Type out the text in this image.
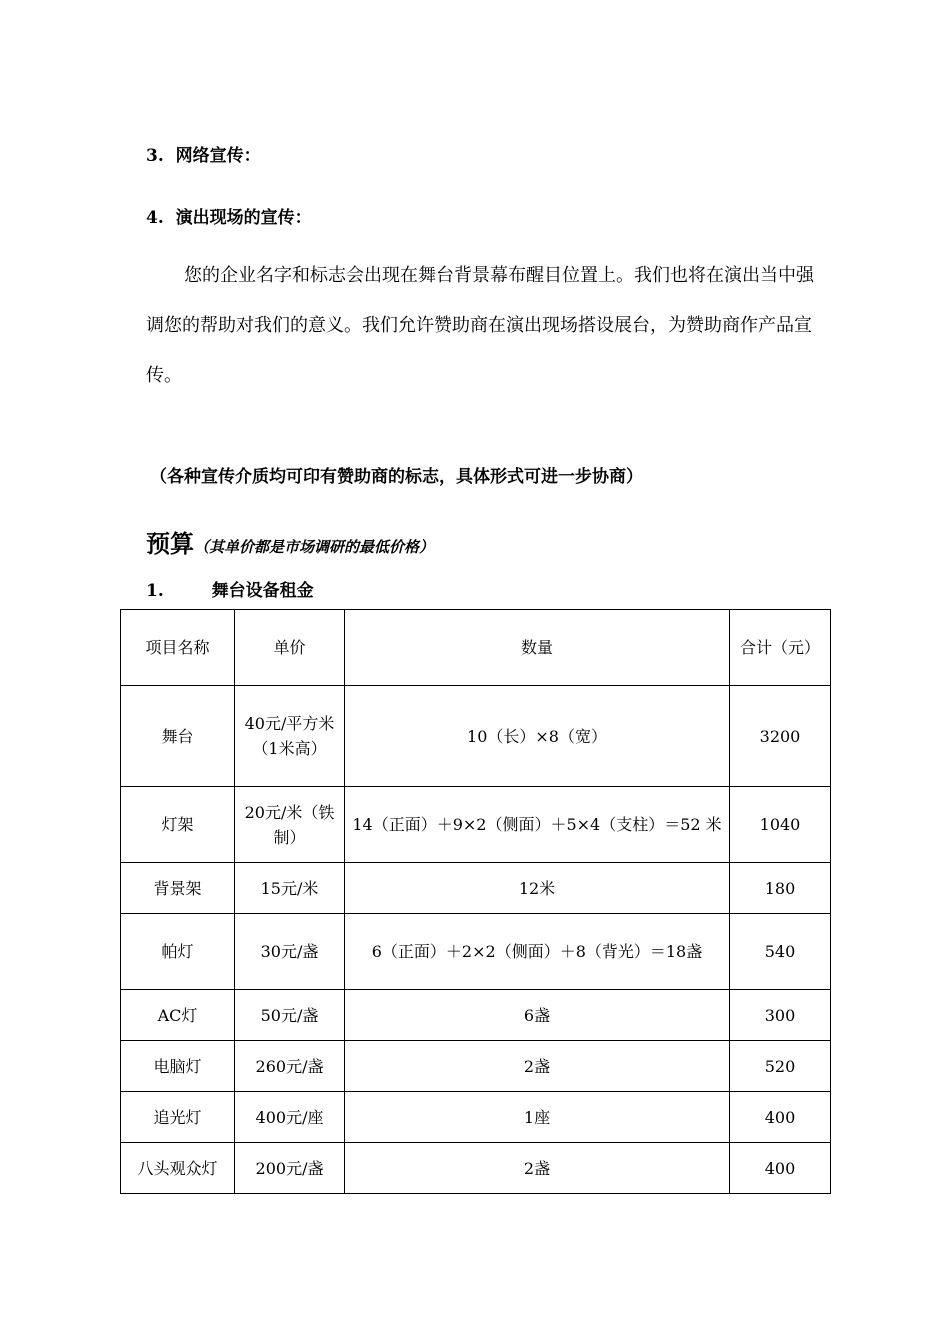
3. 网络宣传：
4. 演出现场的宣传：
您的企业名字和标志会出现在舞台背景幕布醒目位置上。我们也将在演出当中强调您的帮助对我们的意义。我们允许赞助商在演出现场搭设展台，为赞助商作产品宣传。
（各种宣传介质均可印有赞助商的标志，具体形式可进一步协商）
预算（其单价都是市场调研的最低价格）
1.	舞台设备租金
项目名称	单价	数量	合计（元）
舞台	40元/平方米（1米高）	10（长）×8（宽）	3200
灯架	20元/米（铁制）	14（正面）＋9×2（侧面）＋5×4（支柱）＝52 米	1040
背景架	15元/米	12米	180
帕灯	30元/盏	6（正面）＋2×2（侧面）＋8（背光）＝18盏	540
AC灯	50元/盏	6盏	300
电脑灯	260元/盏	2盏	520
追光灯	400元/座	1座	400
八头观众灯	200元/盏	2盏	400
